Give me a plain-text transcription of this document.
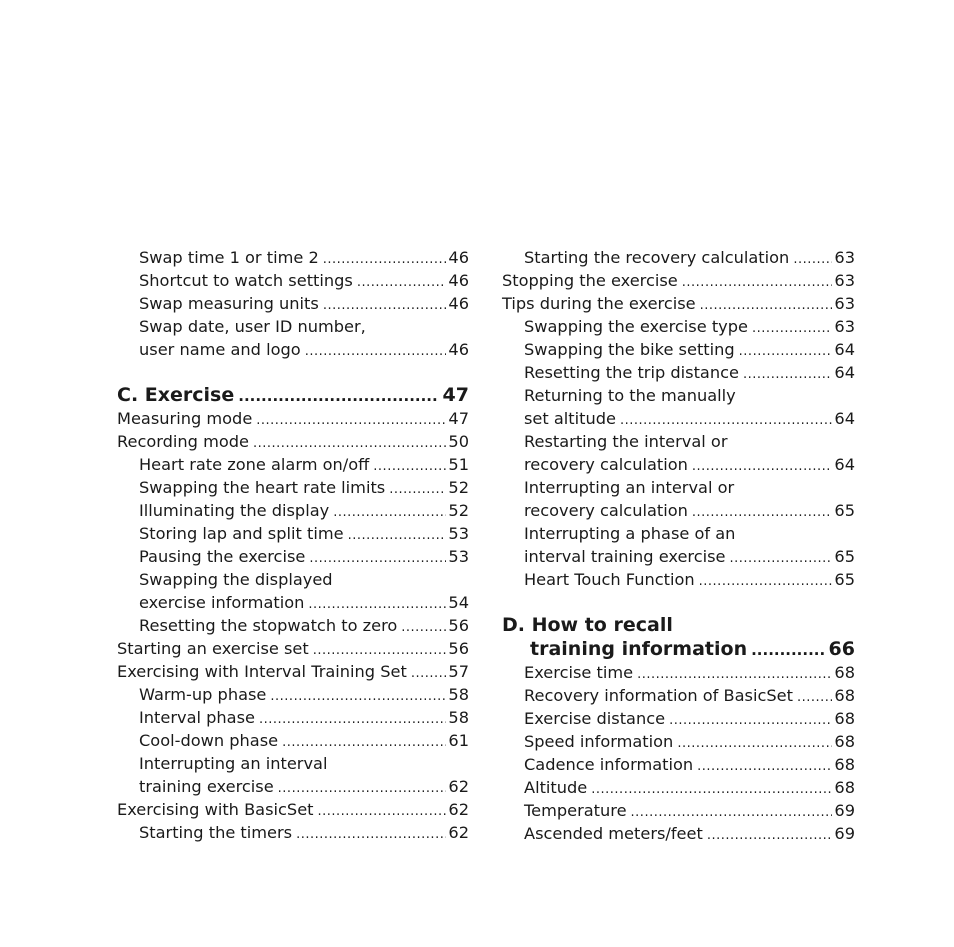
Swap time 1 or time 2 .....	46
Shortcut to watch settings .....	46
Swap measuring units .....	46
Swap date, user ID number,
user name and logo .....	46
C. Exercise .....	47
Measuring mode .....	47
Recording mode .....	50
Heart rate zone alarm on/off .....	51
Swapping the heart rate limits .....	52
Illuminating the display .....	52
Storing lap and split time .....	53
Pausing the exercise .....	53
Swapping the displayed
exercise information .....	54
Resetting the stopwatch to zero .....	56
Starting an exercise set .....	56
Exercising with Interval Training Set .....	57
Warm-up phase .....	58
Interval phase .....	58
Cool-down phase .....	61
Interrupting an interval
training exercise .....	62
Exercising with BasicSet .....	62
Starting the timers .....	62
Starting the recovery calculation .....	63
Stopping the exercise .....	63
Tips during the exercise .....	63
Swapping the exercise type .....	63
Swapping the bike setting .....	64
Resetting the trip distance .....	64
Returning to the manually
set altitude .....	64
Restarting the interval or
recovery calculation .....	64
Interrupting an interval or
recovery calculation .....	65
Interrupting a phase of an
interval training exercise .....	65
Heart Touch Function .....	65
D. How to recall
training information .....	66
Exercise time .....	68
Recovery information of BasicSet .....	68
Exercise distance .....	68
Speed information .....	68
Cadence information .....	68
Altitude .....	68
Temperature .....	69
Ascended meters/feet .....	69
